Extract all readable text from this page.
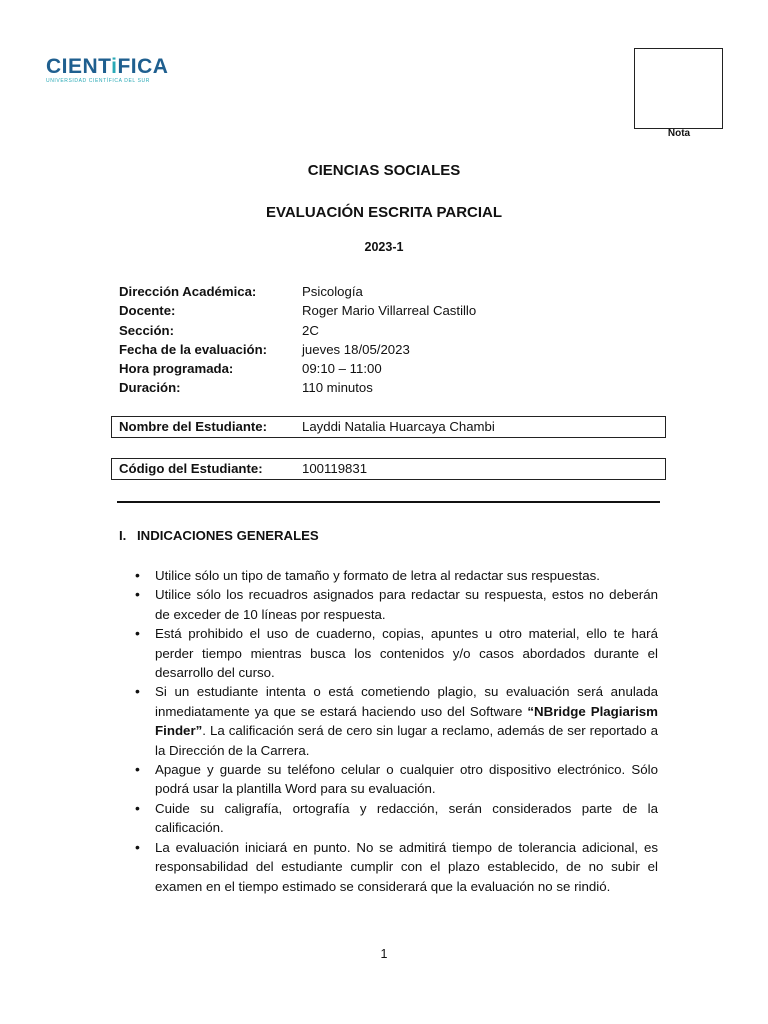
CIENTiFICA
UNIVERSIDAD CIENTÍFICA DEL SUR
Nota
CIENCIAS SOCIALES
EVALUACIÓN ESCRITA PARCIAL
2023-1
Dirección Académica:	Psicología
Docente:	Roger Mario Villarreal Castillo
Sección:	2C
Fecha de la evaluación:	jueves 18/05/2023
Hora programada:	09:10 – 11:00
Duración:	110 minutos
Nombre del Estudiante:	Layddi Natalia Huarcaya Chambi
Código del Estudiante:	100119831
I. INDICACIONES GENERALES
• Utilice sólo un tipo de tamaño y formato de letra al redactar sus respuestas.
• Utilice sólo los recuadros asignados para redactar su respuesta, estos no deberán de exceder de 10 líneas por respuesta.
• Está prohibido el uso de cuaderno, copias, apuntes u otro material, ello te hará perder tiempo mientras busca los contenidos y/o casos abordados durante el desarrollo del curso.
• Si un estudiante intenta o está cometiendo plagio, su evaluación será anulada inmediatamente ya que se estará haciendo uso del Software “NBridge Plagiarism Finder”. La calificación será de cero sin lugar a reclamo, además de ser reportado a la Dirección de la Carrera.
• Apague y guarde su teléfono celular o cualquier otro dispositivo electrónico. Sólo podrá usar la plantilla Word para su evaluación.
• Cuide su caligrafía, ortografía y redacción, serán considerados parte de la calificación.
• La evaluación iniciará en punto. No se admitirá tiempo de tolerancia adicional, es responsabilidad del estudiante cumplir con el plazo establecido, de no subir el examen en el tiempo estimado se considerará que la evaluación no se rindió.
1
